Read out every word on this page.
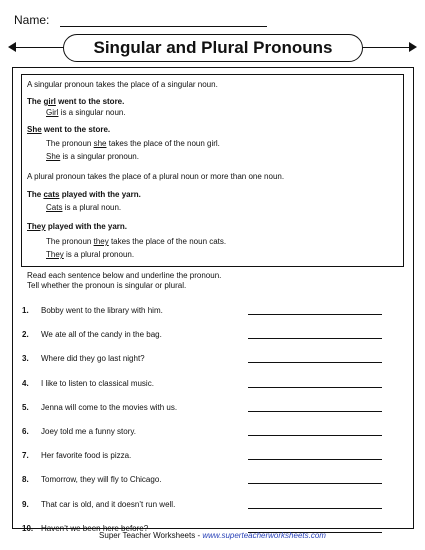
Name:
Singular and Plural Pronouns
A singular pronoun takes the place of a singular noun.
The girl went to the store.
Girl is a singular noun.
She went to the store.
The pronoun she takes the place of the noun girl.
She is a singular pronoun.
A plural pronoun takes the place of a plural noun or more than one noun.
The cats played with the yarn.
Cats is a plural noun.
They played with the yarn.
The pronoun they takes the place of the noun cats.
They is a plural pronoun.
Read each sentence below and underline the pronoun.
Tell whether the pronoun is singular or plural.
1. Bobby went to the library with him.
2. We ate all of the candy in the bag.
3. Where did they go last night?
4. I like to listen to classical music.
5. Jenna will come to the movies with us.
6. Joey told me a funny story.
7. Her favorite food is pizza.
8. Tomorrow, they will fly to Chicago.
9. That car is old, and it doesn’t run well.
10. Haven’t we been here before?
Super Teacher Worksheets - www.superteacherworksheets.com
